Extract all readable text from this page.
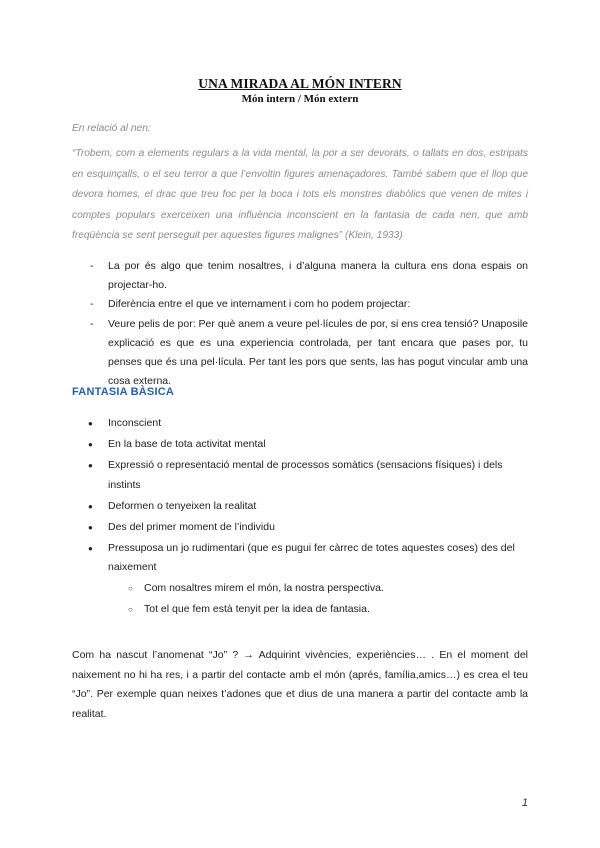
UNA MIRADA AL MÓN INTERN
Món intern / Món extern
En relació al nen:
“Trobem, com a elements regulars a la vida mental, la por a ser devorats, o tallats en dos, estripats en esquinçalls, o el seu terror a que l’envoltin figures amenaçadores. També sabem que el llop que devora homes, el drac que treu foc per la boca i tots els monstres diabòlics que venen de mites i comptes populars exerceixen una influència inconscient en la fantasia de cada nen, que amb freqüència se sent perseguit per aquestes figures malignes” (Klein, 1933)
- La por és algo que tenim nosaltres, i d’alguna manera la cultura ens dona espais on projectar-ho.
- Diferència entre el que ve internament i com ho podem projectar:
- Veure pelis de por: Per què anem a veure pel·lícules de por, si ens crea tensió? Unaposile explicació es que es una experiencia controlada, per tant encara que pases por, tu penses que és una pel·lícula. Per tant les pors que sents, las has pogut vincular amb una cosa externa.
FANTASIA BÀSICA
● Inconscient
● En la base de tota activitat mental
● Expressió o representació mental de processos somàtics (sensacions físiques) i dels instints
● Deformen o tenyeixen la realitat
● Des del primer moment de l’individu
● Pressuposa un jo rudimentari (que es pugui fer càrrec de totes aquestes coses) des del naixement
○ Com nosaltres mirem el món, la nostra perspectiva.
○ Tot el que fem està tenyit per la idea de fantasia.
Com ha nascut l’anomenat “Jo” ? → Adquirint vivències, experiències… . En el moment del naixement no hi ha res, i a partir del contacte amb el món (aprés, família,amics…) es crea el teu “Jo”. Per exemple quan neixes t’adones que et dius de una manera a partir del contacte amb la realitat.
1
